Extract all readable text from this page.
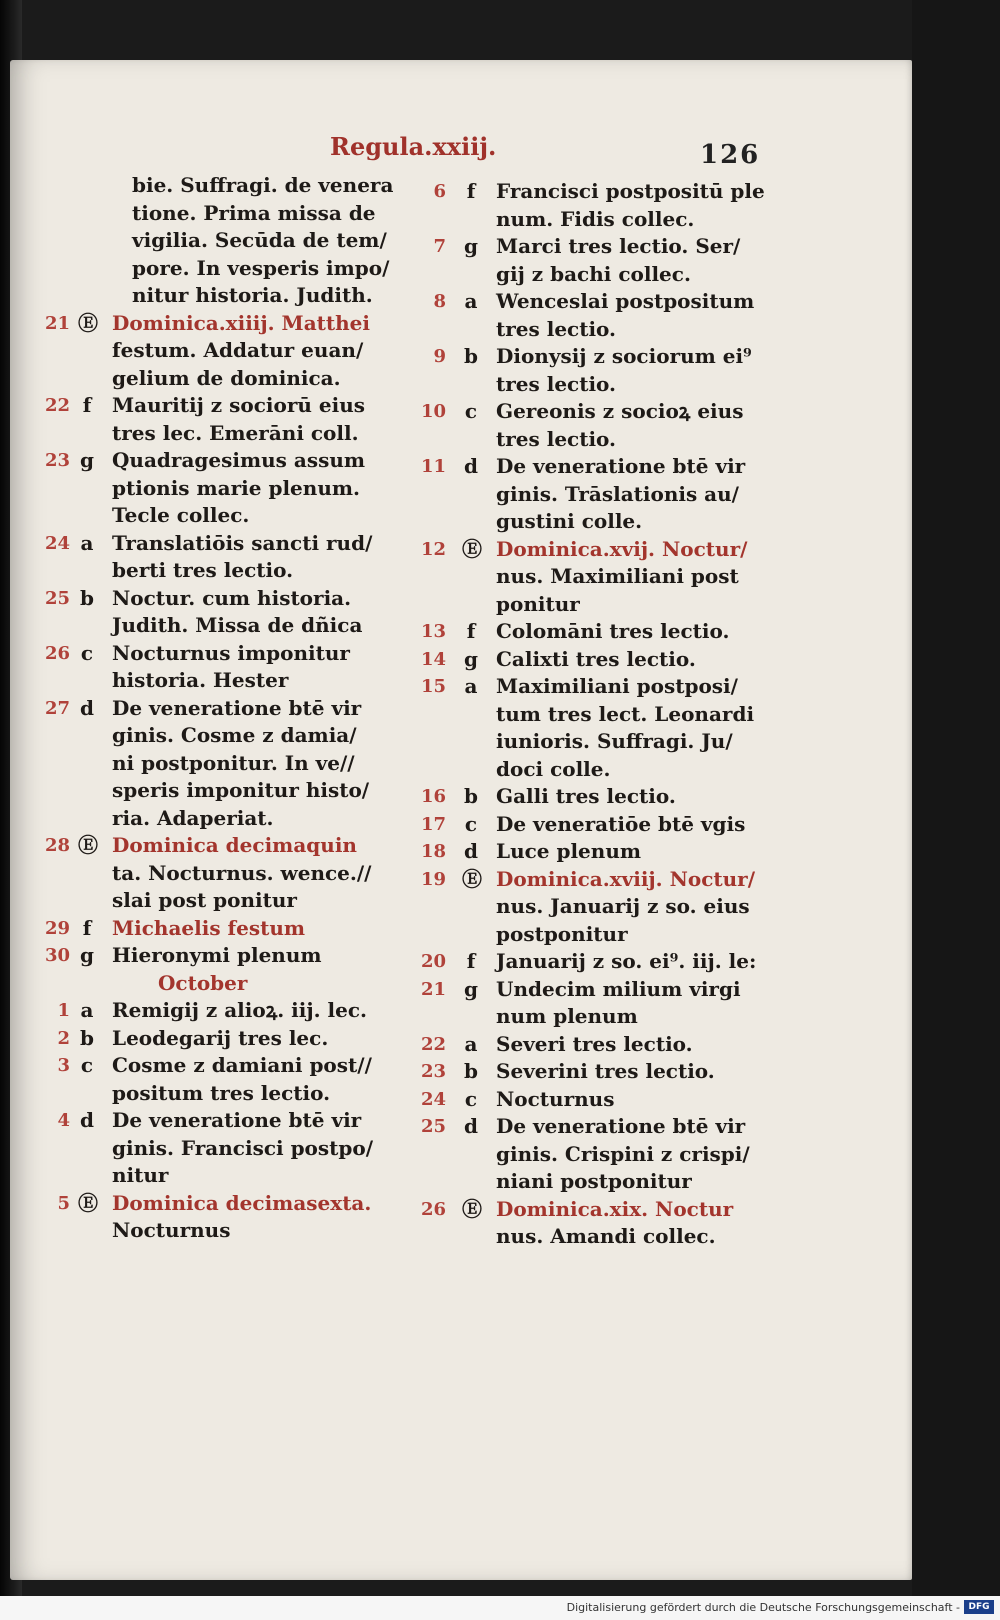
Regula.xxiij.	126
bie. Suffragi. de venera
tione. Prima missa de
vigilia. Secūda de tem/
pore. In vesperis impo/
nitur historia. Judith.
21 Ⓔ Dominica.xiiij. Matthei
festum. Addatur euan/
gelium de dominica.
22 f Mauritij z sociorū eius
tres lec. Emerāni coll.
23 g Quadragesimus assum
ptionis marie plenum.
Tecle collec.
24 a Translatiōis sancti rud/
berti tres lectio.
25 b Noctur. cum historia.
Judith. Missa de dñica
26 c Nocturnus imponitur
historia. Hester
27 d De veneratione btē vir
ginis. Cosme z damia/
ni postponitur. In ve//
speris imponitur histo/
ria. Adaperiat.
28 Ⓔ Dominica decimaquin
ta. Nocturnus. wence.//
slai post ponitur
29 f Michaelis festum
30 g Hieronymi plenum
October
1 a Remigij z alioꝝ. iij. lec.
2 b Leodegarij tres lec.
3 c Cosme z damiani post//
positum tres lectio.
4 d De veneratione btē vir
ginis. Francisci postpo/
nitur
5 Ⓔ Dominica decimasexta.
Nocturnus
6 f Francisci postpositū ple
num. Fidis collec.
7 g Marci tres lectio. Ser/
gij z bachi collec.
8 a Wenceslai postpositum
tres lectio.
9 b Dionysij z sociorum ei⁹
tres lectio.
10 c Gereonis z socioꝝ eius
tres lectio.
11 d De veneratione btē vir
ginis. Trāslationis au/
gustini colle.
12 Ⓔ Dominica.xvij. Noctur/
nus. Maximiliani post
ponitur
13 f Colomāni tres lectio.
14 g Calixti tres lectio.
15 a Maximiliani postposi/
tum tres lect. Leonardi
iunioris. Suffragi. Ju/
doci colle.
16 b Galli tres lectio.
17 c De veneratiōe btē vgis
18 d Luce plenum
19 Ⓔ Dominica.xviij. Noctur/
nus. Januarij z so. eius
postponitur
20 f Januarij z so. ei⁹. iij. le:
21 g Undecim milium virgi
num plenum
22 a Severi tres lectio.
23 b Severini tres lectio.
24 c Nocturnus
25 d De veneratione btē vir
ginis. Crispini z crispi/
niani postponitur
26 Ⓔ Dominica.xix. Noctur
nus. Amandi collec.
Digitalisierung gefördert durch die Deutsche Forschungsgemeinschaft - DFG
